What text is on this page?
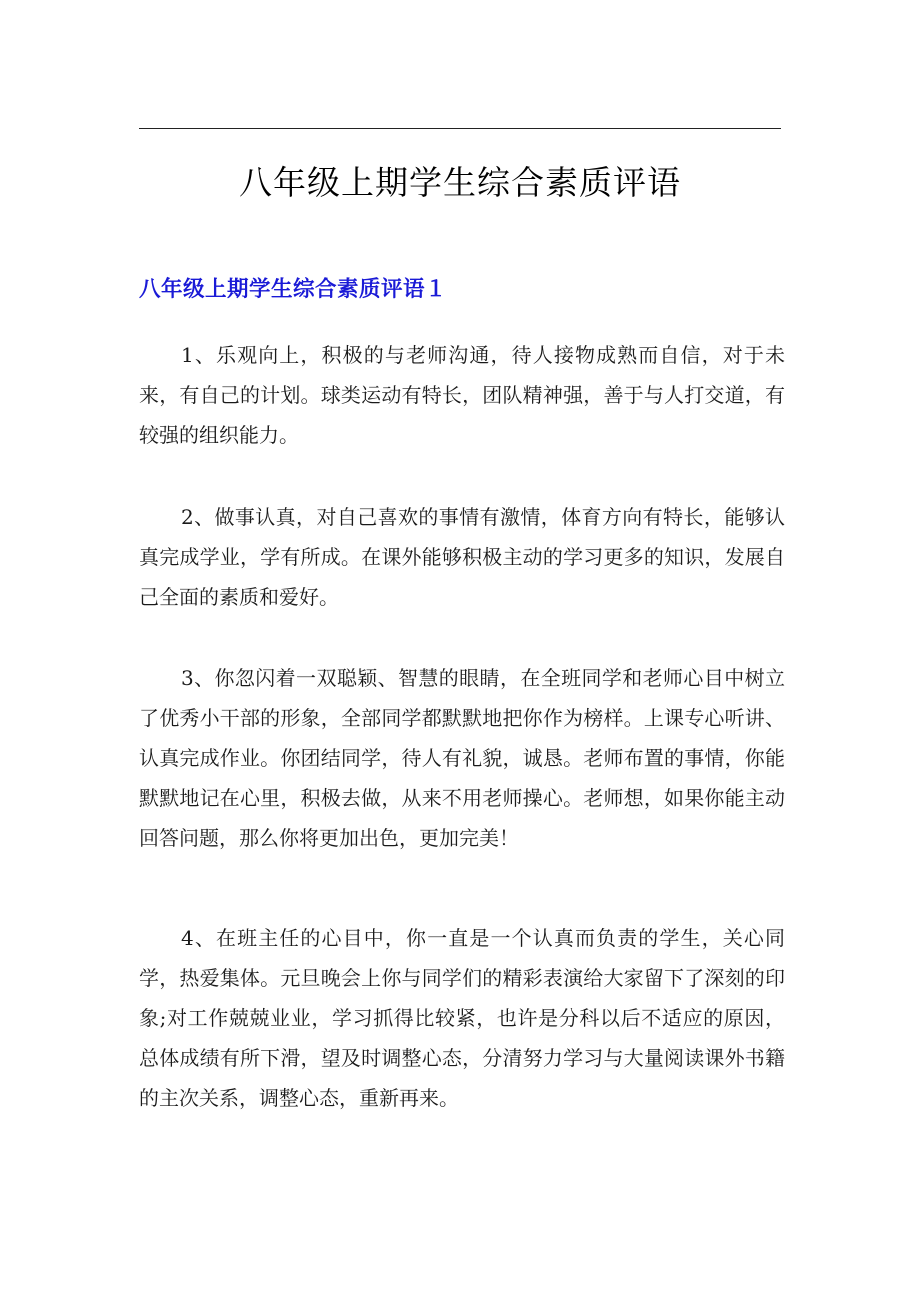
八年级上期学生综合素质评语
八年级上期学生综合素质评语１

1、乐观向上，积极的与老师沟通，待人接物成熟而自信，对于未来，有自己的计划。球类运动有特长，团队精神强，善于与人打交道，有较强的组织能力。

2、做事认真，对自己喜欢的事情有激情，体育方向有特长，能够认真完成学业，学有所成。在课外能够积极主动的学习更多的知识，发展自己全面的素质和爱好。

3、你忽闪着一双聪颖、智慧的眼睛，在全班同学和老师心目中树立了优秀小干部的形象，全部同学都默默地把你作为榜样。上课专心听讲、认真完成作业。你团结同学，待人有礼貌，诚恳。老师布置的事情，你能默默地记在心里，积极去做，从来不用老师操心。老师想，如果你能主动回答问题，那么你将更加出色，更加完美！

4、在班主任的心目中，你一直是一个认真而负责的学生，关心同学，热爱集体。元旦晚会上你与同学们的精彩表演给大家留下了深刻的印象;对工作兢兢业业，学习抓得比较紧，也许是分科以后不适应的原因，总体成绩有所下滑，望及时调整心态，分清努力学习与大量阅读课外书籍的主次关系，调整心态，重新再来。
